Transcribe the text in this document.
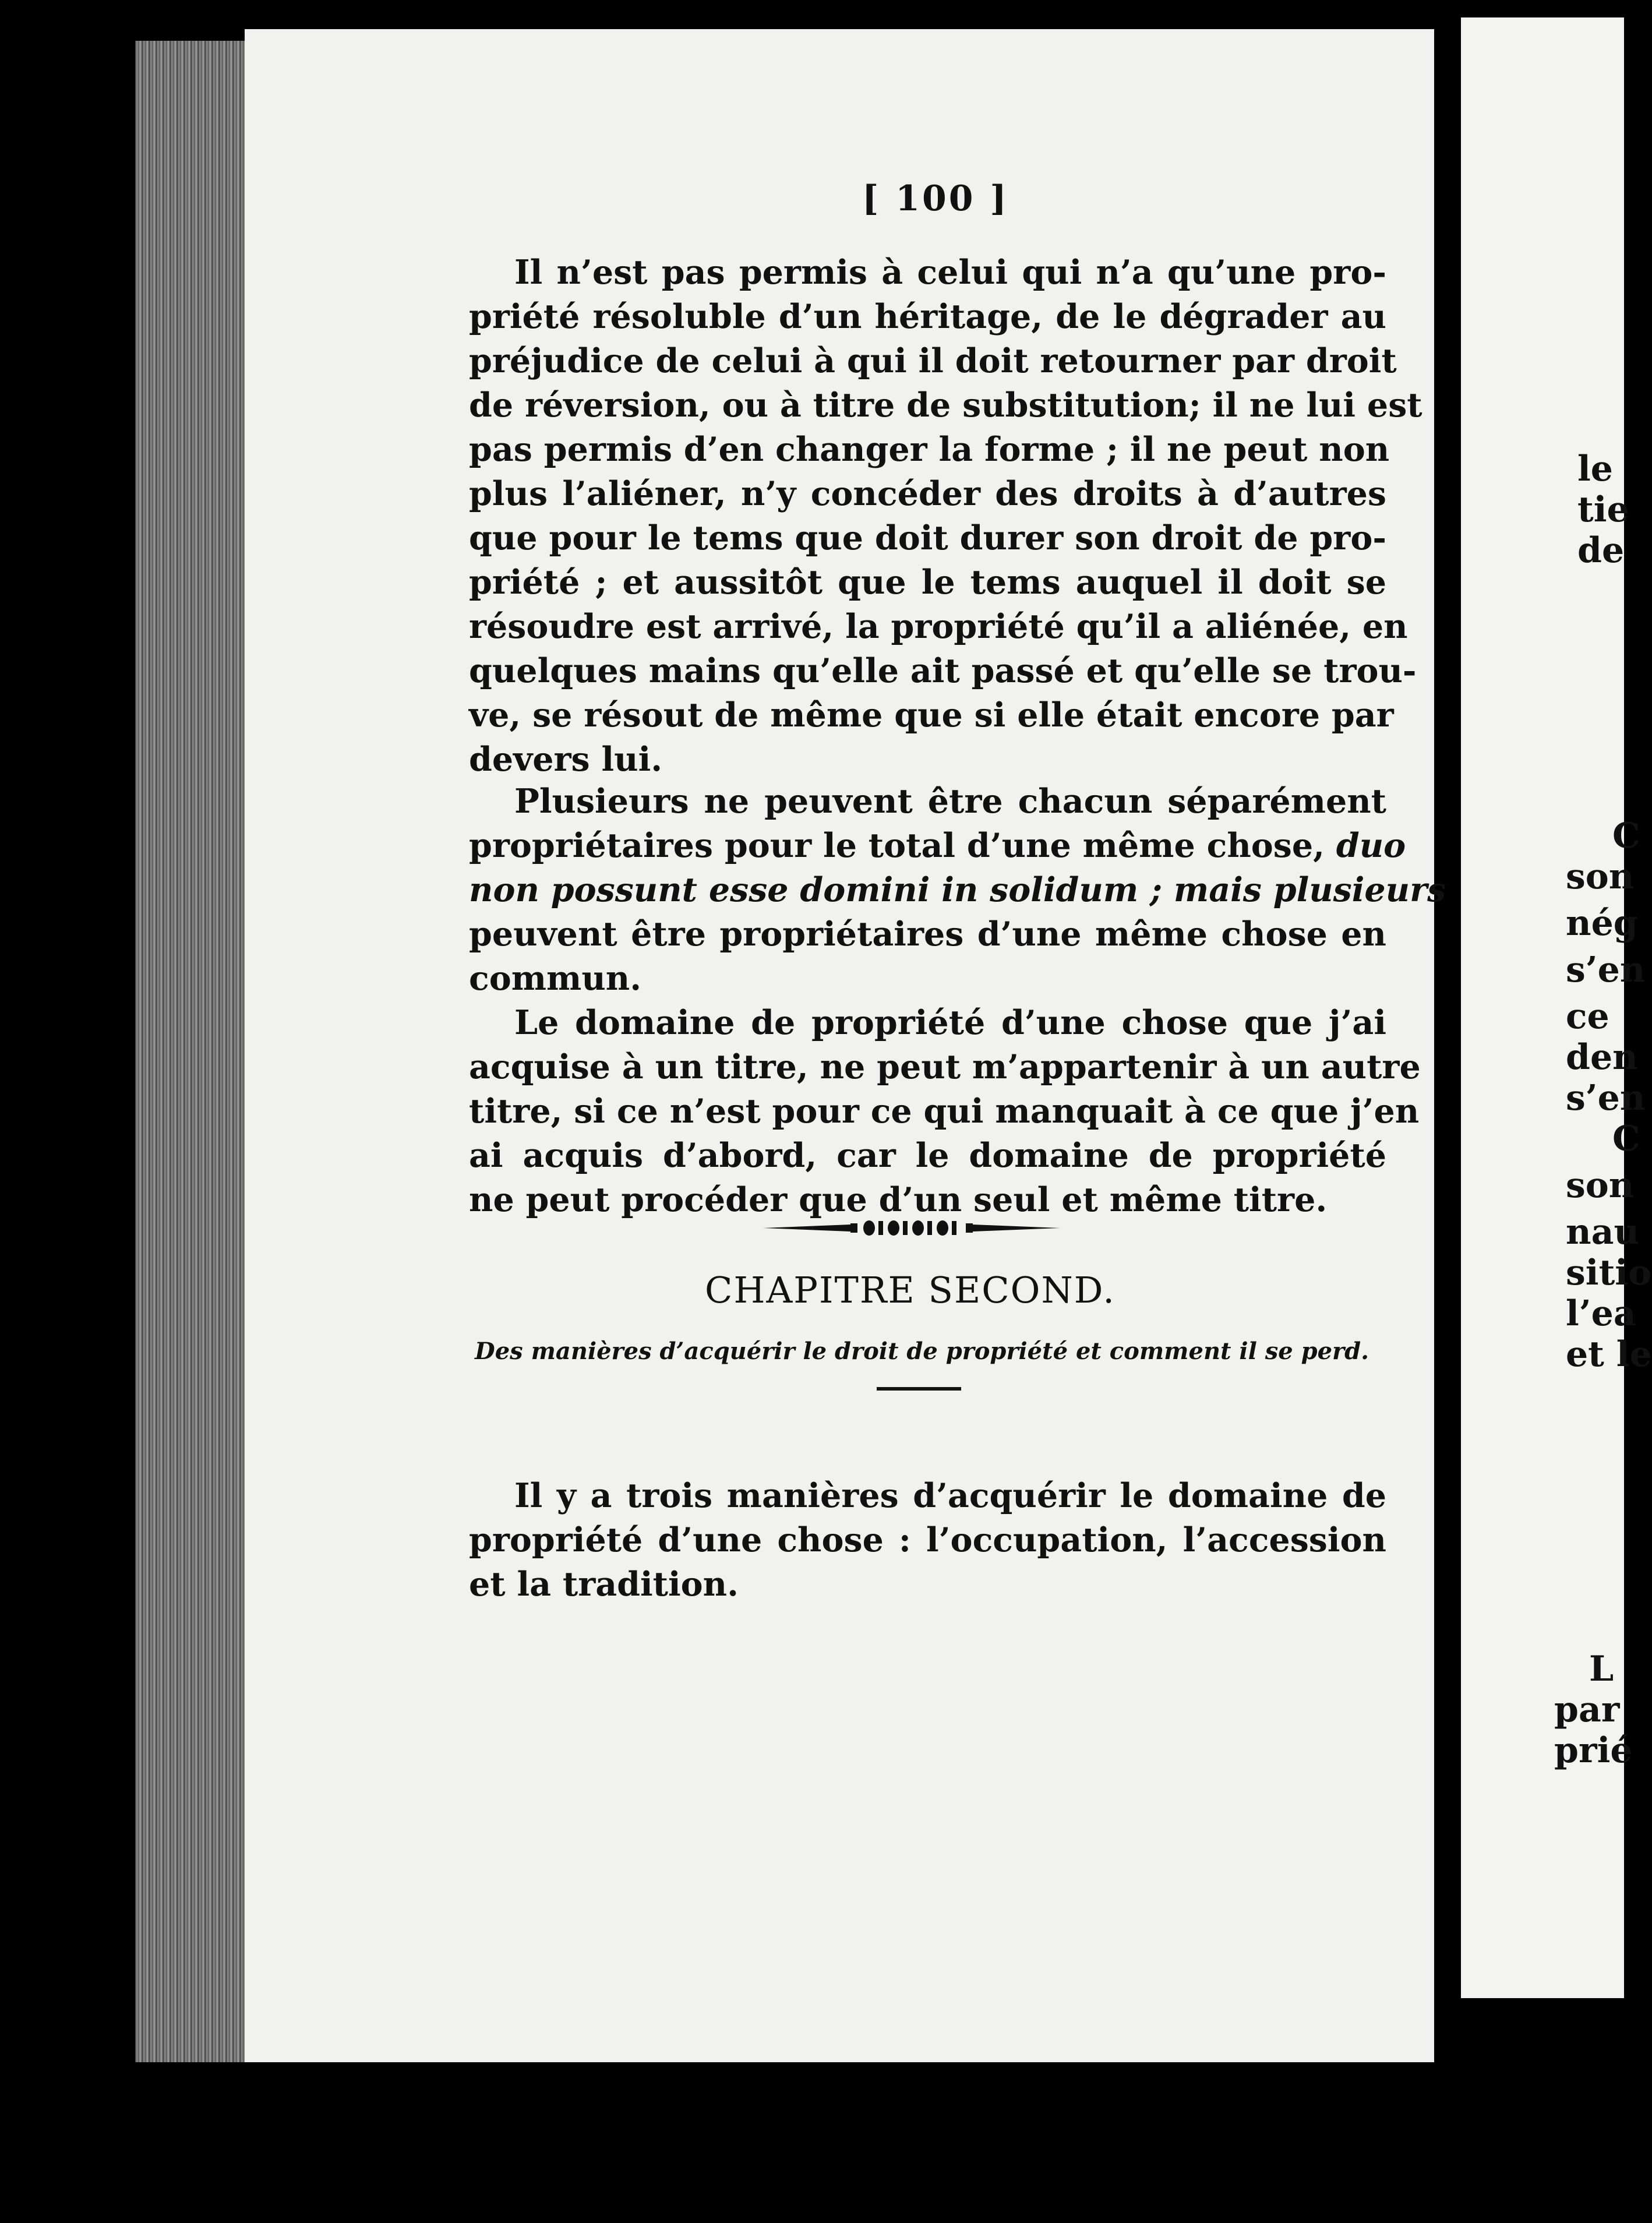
le
tie
de
C
son
nég
s’en
ce
den
s’en
C
son
nau
sitio
l’ea
et le
L
par
prié
[ 100 ]
Il n’est pas permis à celui qui n’a qu’une pro-
priété résoluble d’un héritage, de le dégrader au
préjudice de celui à qui il doit retourner par droit
de réversion, ou à titre de substitution; il ne lui est
pas permis d’en changer la forme ; il ne peut non
plus l’aliéner, n’y concéder des droits à d’autres
que pour le tems que doit durer son droit de pro-
priété ; et aussitôt que le tems auquel il doit se
résoudre est arrivé, la propriété qu’il a aliénée, en
quelques mains qu’elle ait passé et qu’elle se trou-
ve, se résout de même que si elle était encore par
devers lui.
Plusieurs ne peuvent être chacun séparément
propriétaires pour le total d’une même chose, duo
non possunt esse domini in solidum ; mais plusieurs
peuvent être propriétaires d’une même chose en
commun.
Le domaine de propriété d’une chose que j’ai
acquise à un titre, ne peut m’appartenir à un autre
titre, si ce n’est pour ce qui manquait à ce que j’en
ai acquis d’abord, car le domaine de propriété
ne peut procéder que d’un seul et même titre.
CHAPITRE SECOND.
Des manières d’acquérir le droit de propriété et comment il se perd.
Il y a trois manières d’acquérir le domaine de
propriété d’une chose : l’occupation, l’accession
et la tradition.
